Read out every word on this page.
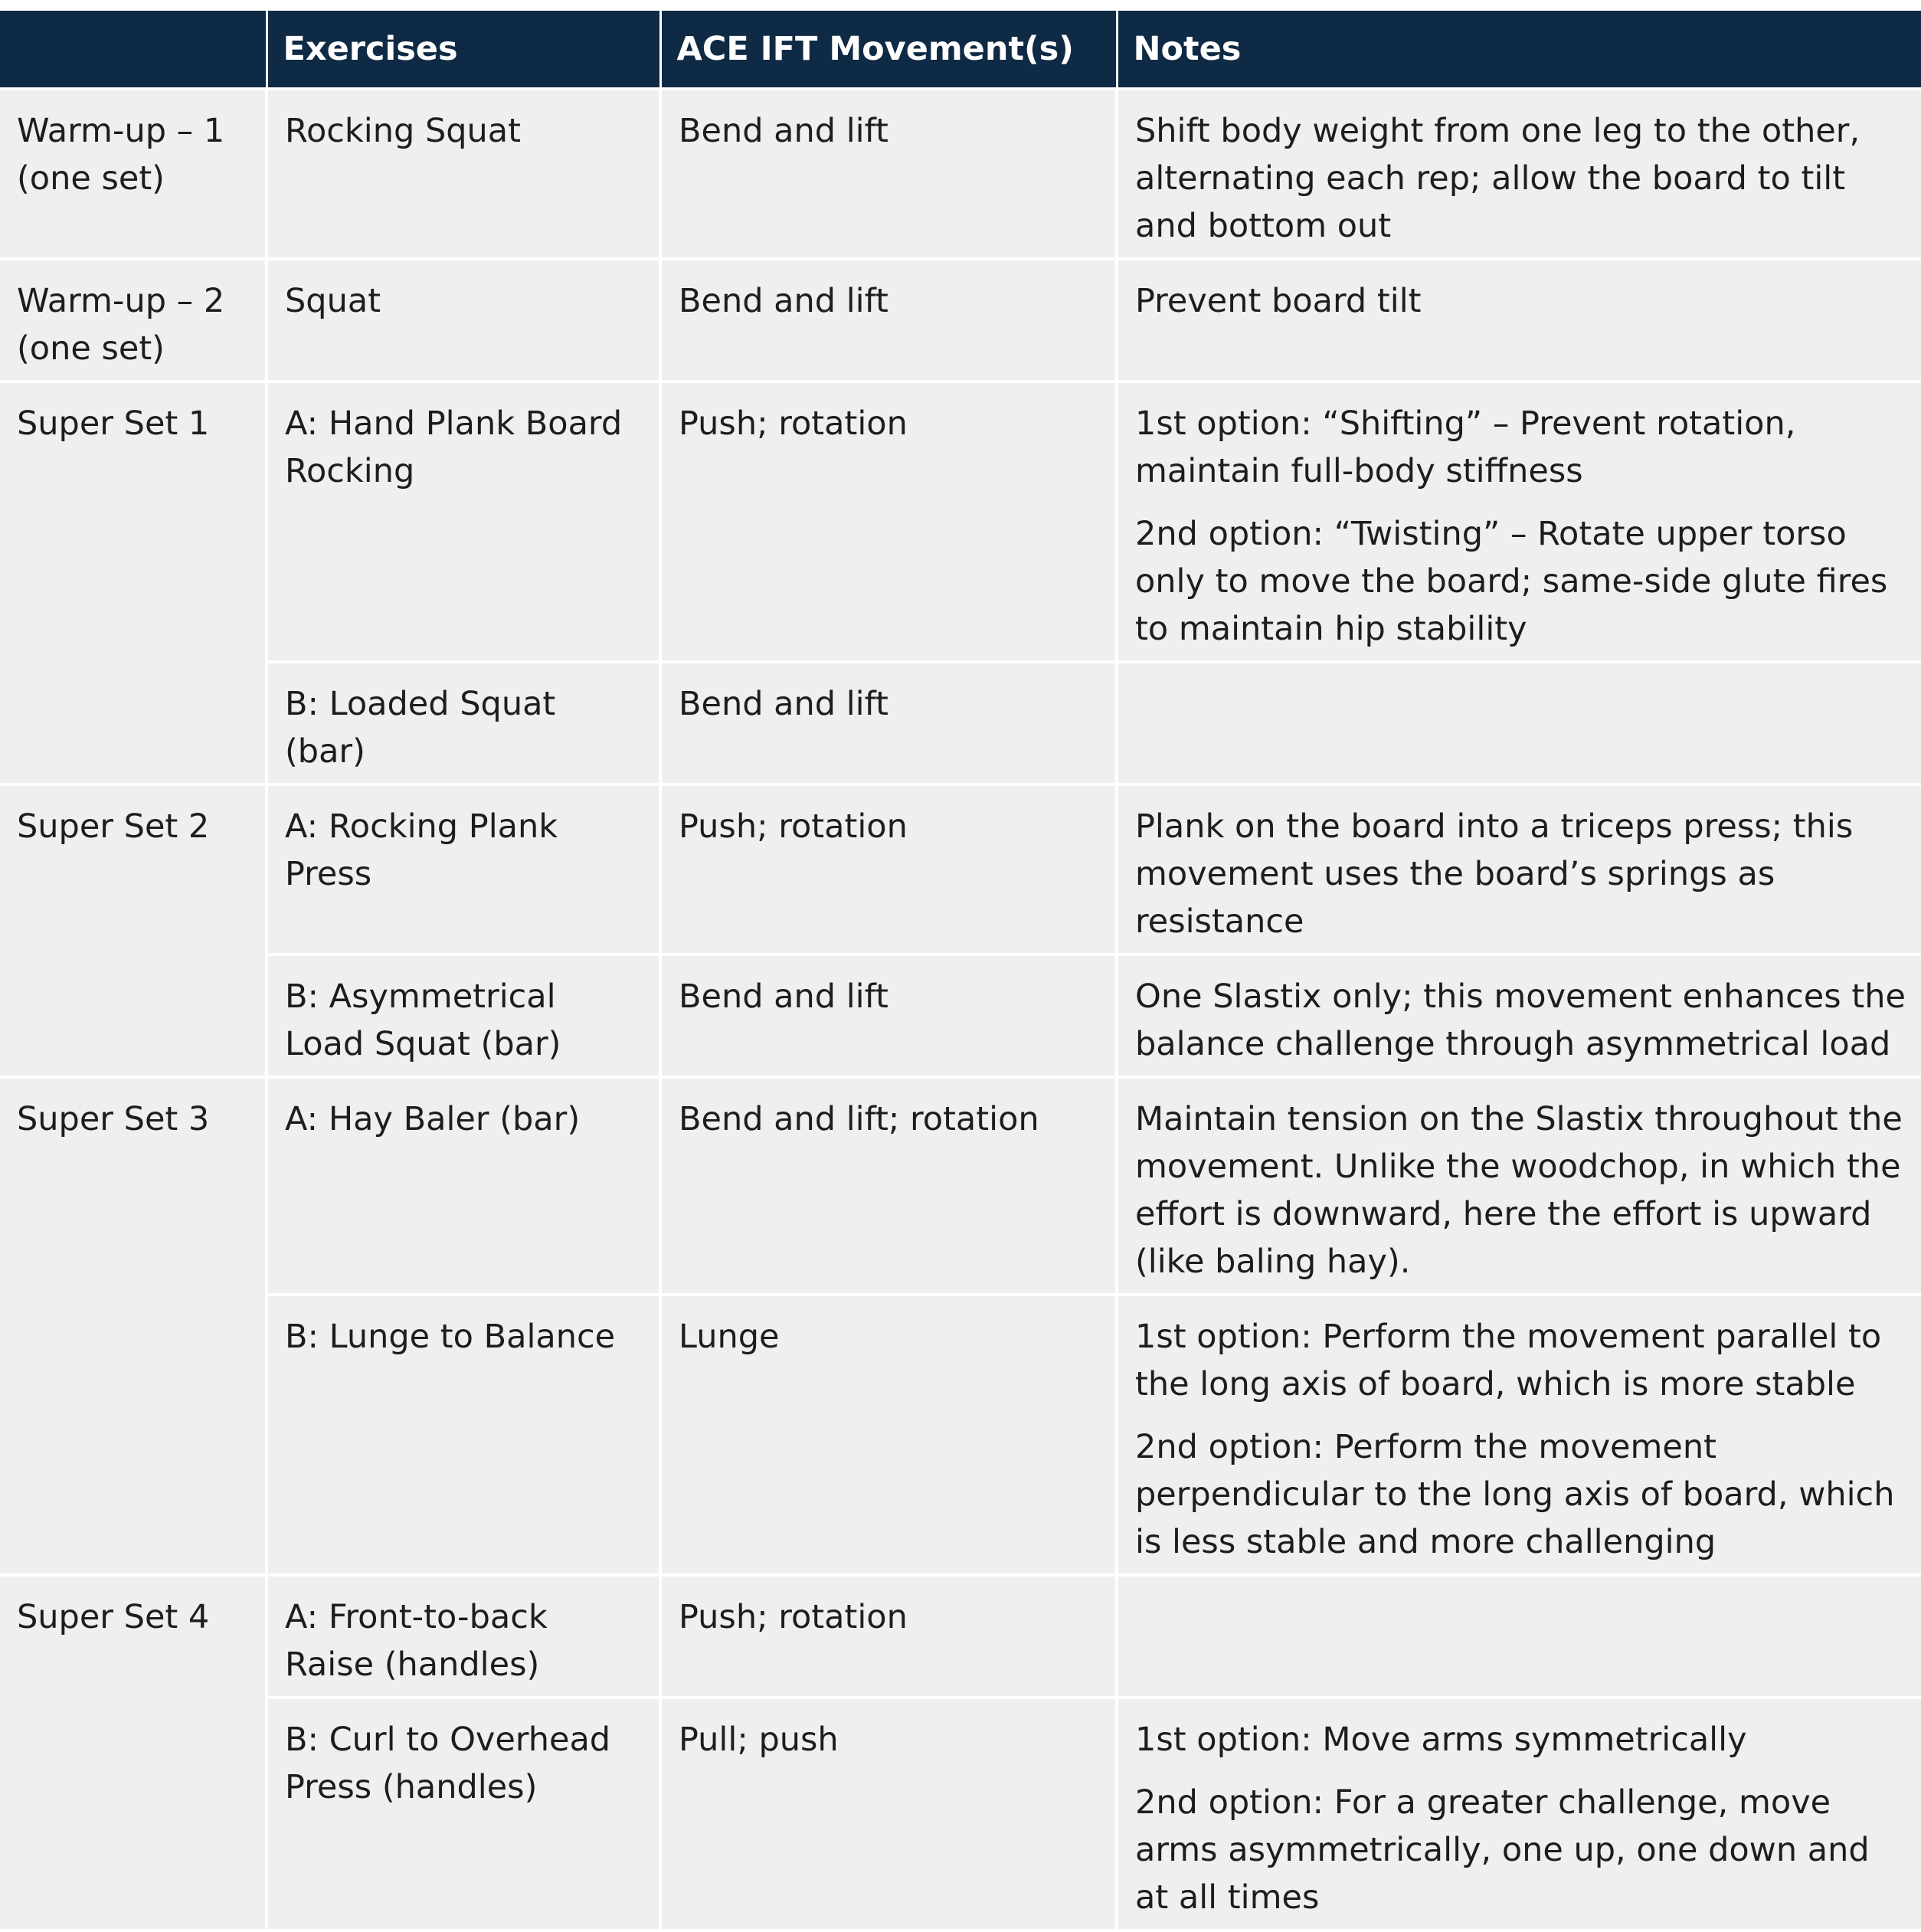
	Exercises	ACE IFT Movement(s)	Notes
Warm-up – 1 (one set)	Rocking Squat	Bend and lift	Shift body weight from one leg to the other, alternating each rep; allow the board to tilt and bottom out

Warm-up – 2 (one set)	Squat	Bend and lift	Prevent board tilt

Super Set 1	A: Hand Plank Board Rocking	Push; rotation	1st option: “Shifting” – Prevent rotation, maintain full-body stiffness

2nd option: “Twisting” – Rotate upper torso only to move the board; same-side glute fires to maintain hip stability

	B: Loaded Squat (bar)	Bend and lift	
Super Set 2	A: Rocking Plank Press	Push; rotation	Plank on the board into a triceps press; this movement uses the board’s springs as resistance

	B: Asymmetrical Load Squat (bar)	Bend and lift	One Slastix only; this movement enhances the balance challenge through asymmetrical load

Super Set 3	A: Hay Baler (bar)	Bend and lift; rotation	Maintain tension on the Slastix throughout the movement. Unlike the woodchop, in which the effort is downward, here the effort is upward (like baling hay).

	B: Lunge to Balance	Lunge	1st option: Perform the movement parallel to the long axis of board, which is more stable

2nd option: Perform the movement perpendicular to the long axis of board, which is less stable and more challenging

Super Set 4	A: Front-to-back Raise (handles)	Push; rotation	
	B: Curl to Overhead Press (handles)	Pull; push	1st option: Move arms symmetrically

2nd option: For a greater challenge, move arms asymmetrically, one up, one down and at all times
